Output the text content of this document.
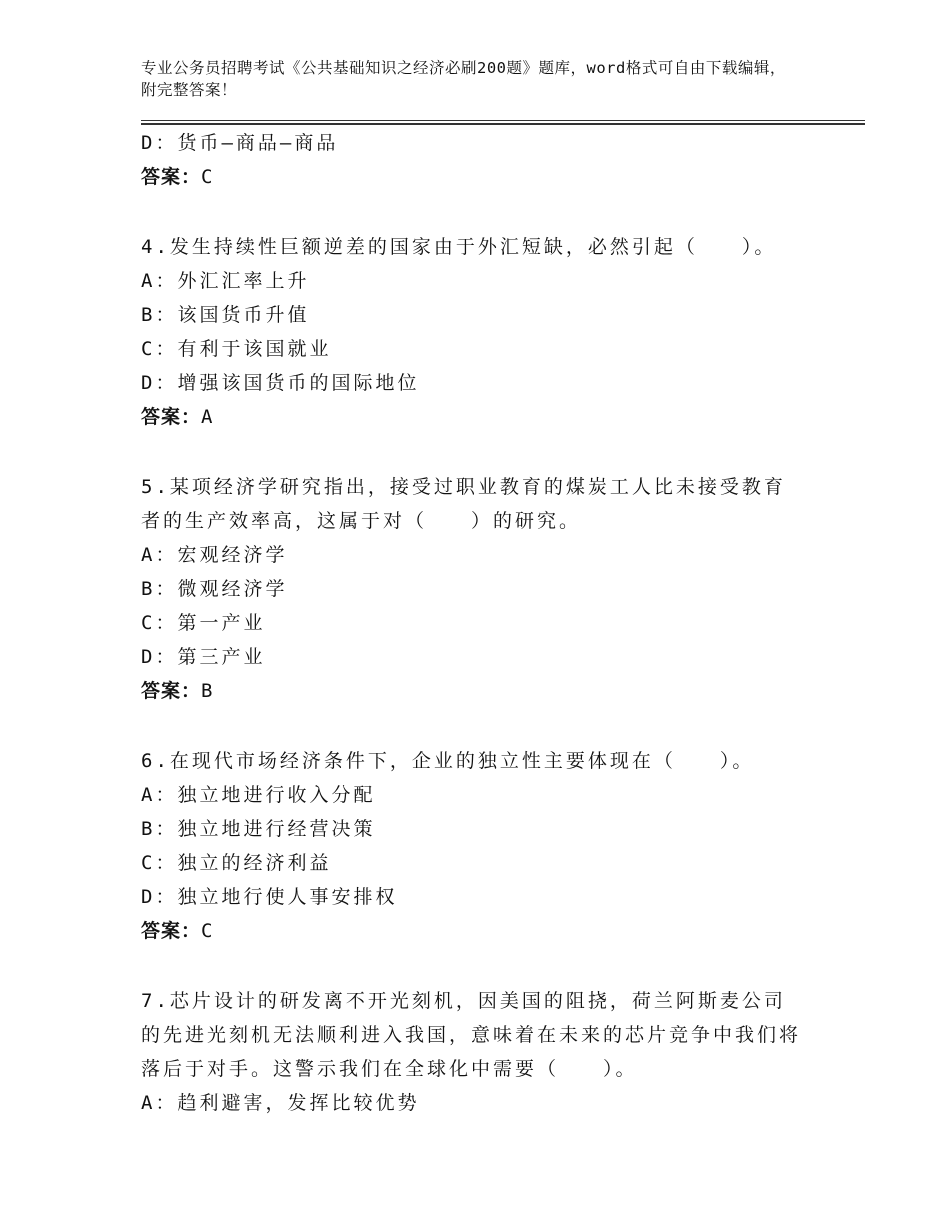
专业公务员招聘考试《公共基础知识之经济必刷200题》题库，word格式可自由下载编辑，附完整答案！

D：货币—商品—商品

答案：C

4.发生持续性巨额逆差的国家由于外汇短缺，必然引起（　　）。

A：外汇汇率上升

B：该国货币升值

C：有利于该国就业

D：增强该国货币的国际地位

答案：A

5.某项经济学研究指出，接受过职业教育的煤炭工人比未接受教育者的生产效率高，这属于对（　　）的研究。

A：宏观经济学

B：微观经济学

C：第一产业

D：第三产业

答案：B

6.在现代市场经济条件下，企业的独立性主要体现在（　　）。

A：独立地进行收入分配

B：独立地进行经营决策

C：独立的经济利益

D：独立地行使人事安排权

答案：C

7.芯片设计的研发离不开光刻机，因美国的阻挠，荷兰阿斯麦公司的先进光刻机无法顺利进入我国，意味着在未来的芯片竞争中我们将落后于对手。这警示我们在全球化中需要（　　）。

A：趋利避害，发挥比较优势
